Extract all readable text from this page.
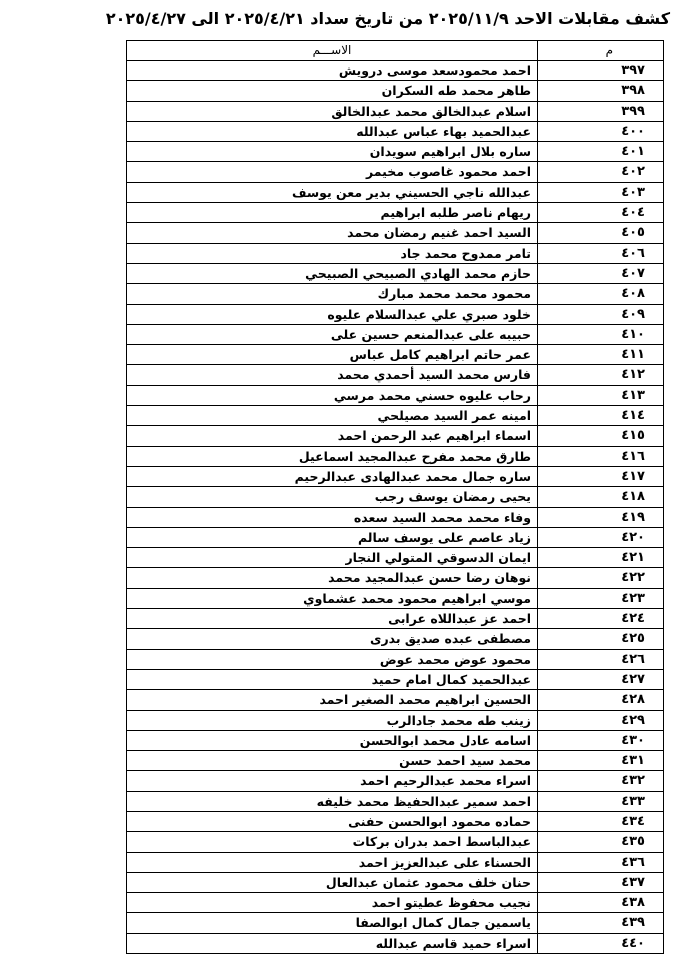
كشف مقابلات الاحد ٢٠٢٥/١١/٩ من تاريخ سداد ٢٠٢٥/٤/٢١ الى ٢٠٢٥/٤/٢٧
م
الاســـم
٣٩٧
احمد محمودسعد موسى درويش
٣٩٨
طاهر محمد طه السكران
٣٩٩
اسلام عبدالخالق محمد عبدالخالق
٤٠٠
عبدالحميد بهاء عباس عبدالله
٤٠١
ساره بلال ابراهيم سويدان
٤٠٢
احمد محمود غاصوب مخيمر
٤٠٣
عبدالله ناجي الحسيني بدير معن يوسف
٤٠٤
ريهام ناصر طلبه ابراهيم
٤٠٥
السيد احمد غنيم رمضان محمد
٤٠٦
تامر ممدوح محمد جاد
٤٠٧
حازم محمد الهادي الصبيحي الصبيحي
٤٠٨
محمود محمد محمد مبارك
٤٠٩
خلود صبري علي عبدالسلام عليوه
٤١٠
حبيبه على عبدالمنعم حسين على
٤١١
عمر حاتم ابراهيم كامل عباس
٤١٢
فارس محمد السيد أحمدي محمد
٤١٣
رحاب عليوه حسني محمد مرسي
٤١٤
امينه عمر السيد مصيلحي
٤١٥
اسماء ابراهيم عبد الرحمن احمد
٤١٦
طارق محمد مفرح عبدالمجيد اسماعيل
٤١٧
ساره جمال محمد عبدالهادى عبدالرحيم
٤١٨
يحيى رمضان يوسف رجب
٤١٩
وفاء محمد محمد السيد سعده
٤٢٠
زياد عاصم على يوسف سالم
٤٢١
ايمان الدسوقي المتولي النجار
٤٢٢
نوهان رضا حسن عبدالمجيد محمد
٤٢٣
موسي ابراهيم محمود محمد عشماوي
٤٢٤
احمد عز عبداللاه عرابى
٤٢٥
مصطفى عبده صديق بدرى
٤٢٦
محمود عوض محمد عوض
٤٢٧
عبدالحميد كمال امام حميد
٤٢٨
الحسين ابراهيم محمد الصغير احمد
٤٢٩
زينب طه محمد جادالرب
٤٣٠
اسامه عادل محمد ابوالحسن
٤٣١
محمد سيد احمد حسن
٤٣٢
اسراء محمد عبدالرحيم احمد
٤٣٣
احمد سمير عبدالحفيظ محمد خليفه
٤٣٤
حماده محمود ابوالحسن حفنى
٤٣٥
عبدالباسط احمد بدران بركات
٤٣٦
الحسناء على عبدالعزيز احمد
٤٣٧
حنان خلف محمود عثمان عبدالعال
٤٣٨
نجيب محفوظ عطيتو احمد
٤٣٩
ياسمين جمال كمال ابوالصفا
٤٤٠
اسراء حميد قاسم عبدالله
